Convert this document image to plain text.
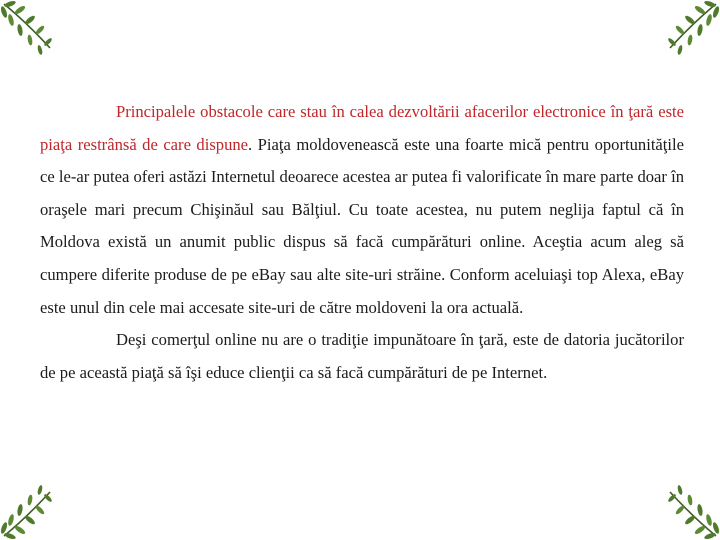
Principalele obstacole care stau în calea dezvoltării afacerilor electronice în ţară este piaţa restrânsă de care dispune. Piaţa moldovenească este una foarte mică pentru oportunităţile ce le-ar putea oferi astăzi Internetul deoarece acestea ar putea fi valorificate în mare parte doar în oraşele mari precum Chişinăul sau Bălţiul. Cu toate acestea, nu putem neglija faptul că în Moldova există un anumit public dispus să facă cumpărături online. Aceştia acum aleg să cumpere diferite produse de pe eBay sau alte site-uri străine. Conform aceluiaşi top Alexa, eBay este unul din cele mai accesate site-uri de către moldoveni la ora actuală.

Deşi comerţul online nu are o tradiţie impunătoare în ţară, este de datoria jucătorilor de pe această piaţă să îşi educe clienţii ca să facă cumpărături de pe Internet.
